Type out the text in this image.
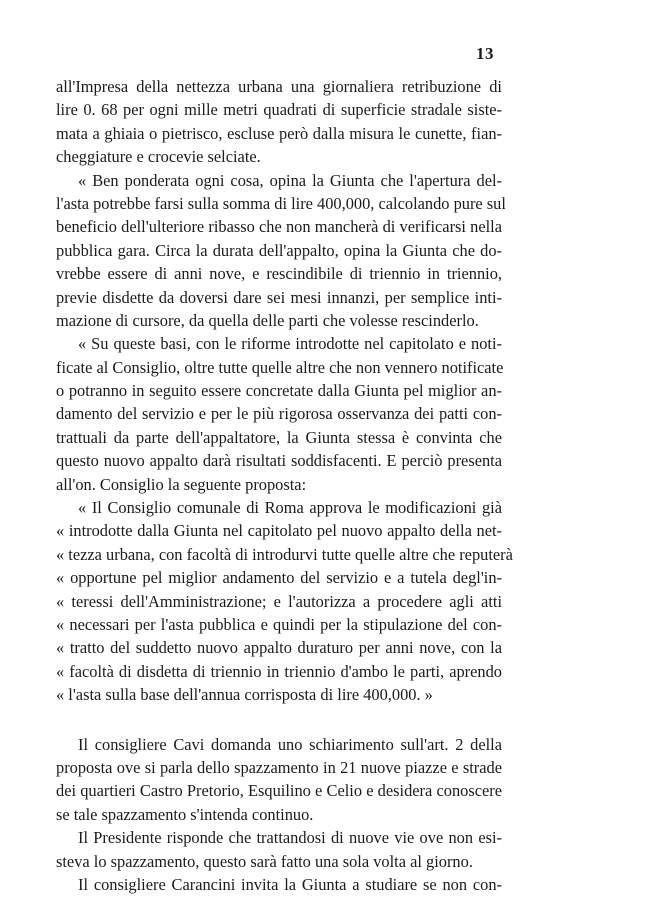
13
all'Impresa della nettezza urbana una giornaliera retribuzione di
lire 0. 68 per ogni mille metri quadrati di superficie stradale siste-
mata a ghiaia o pietrisco, escluse però dalla misura le cunette, fian-
cheggiature e crocevie selciate.
« Ben ponderata ogni cosa, opina la Giunta che l'apertura del-
l'asta potrebbe farsi sulla somma di lire 400,000, calcolando pure sul
beneficio dell'ulteriore ribasso che non mancherà di verificarsi nella
pubblica gara. Circa la durata dell'appalto, opina la Giunta che do-
vrebbe essere di anni nove, e rescindibile di triennio in triennio,
previe disdette da doversi dare sei mesi innanzi, per semplice inti-
mazione di cursore, da quella delle parti che volesse rescinderlo.
« Su queste basi, con le riforme introdotte nel capitolato e noti-
ficate al Consiglio, oltre tutte quelle altre che non vennero notificate
o potranno in seguito essere concretate dalla Giunta pel miglior an-
damento del servizio e per le più rigorosa osservanza dei patti con-
trattuali da parte dell'appaltatore, la Giunta stessa è convinta che
questo nuovo appalto darà risultati soddisfacenti. E perciò presenta
all'on. Consiglio la seguente proposta:
« Il Consiglio comunale di Roma approva le modificazioni già
« introdotte dalla Giunta nel capitolato pel nuovo appalto della net-
« tezza urbana, con facoltà di introdurvi tutte quelle altre che reputerà
« opportune pel miglior andamento del servizio e a tutela degl'in-
« teressi dell'Amministrazione; e l'autorizza a procedere agli atti
« necessari per l'asta pubblica e quindi per la stipulazione del con-
« tratto del suddetto nuovo appalto duraturo per anni nove, con la
« facoltà di disdetta di triennio in triennio d'ambo le parti, aprendo
« l'asta sulla base dell'annua corrisposta di lire 400,000. »
Il consigliere Cavi domanda uno schiarimento sull'art. 2 della
proposta ove si parla dello spazzamento in 21 nuove piazze e strade
dei quartieri Castro Pretorio, Esquilino e Celio e desidera conoscere
se tale spazzamento s'intenda continuo.
Il Presidente risponde che trattandosi di nuove vie ove non esi-
steva lo spazzamento, questo sarà fatto una sola volta al giorno.
Il consigliere Carancini invita la Giunta a studiare se non con-
